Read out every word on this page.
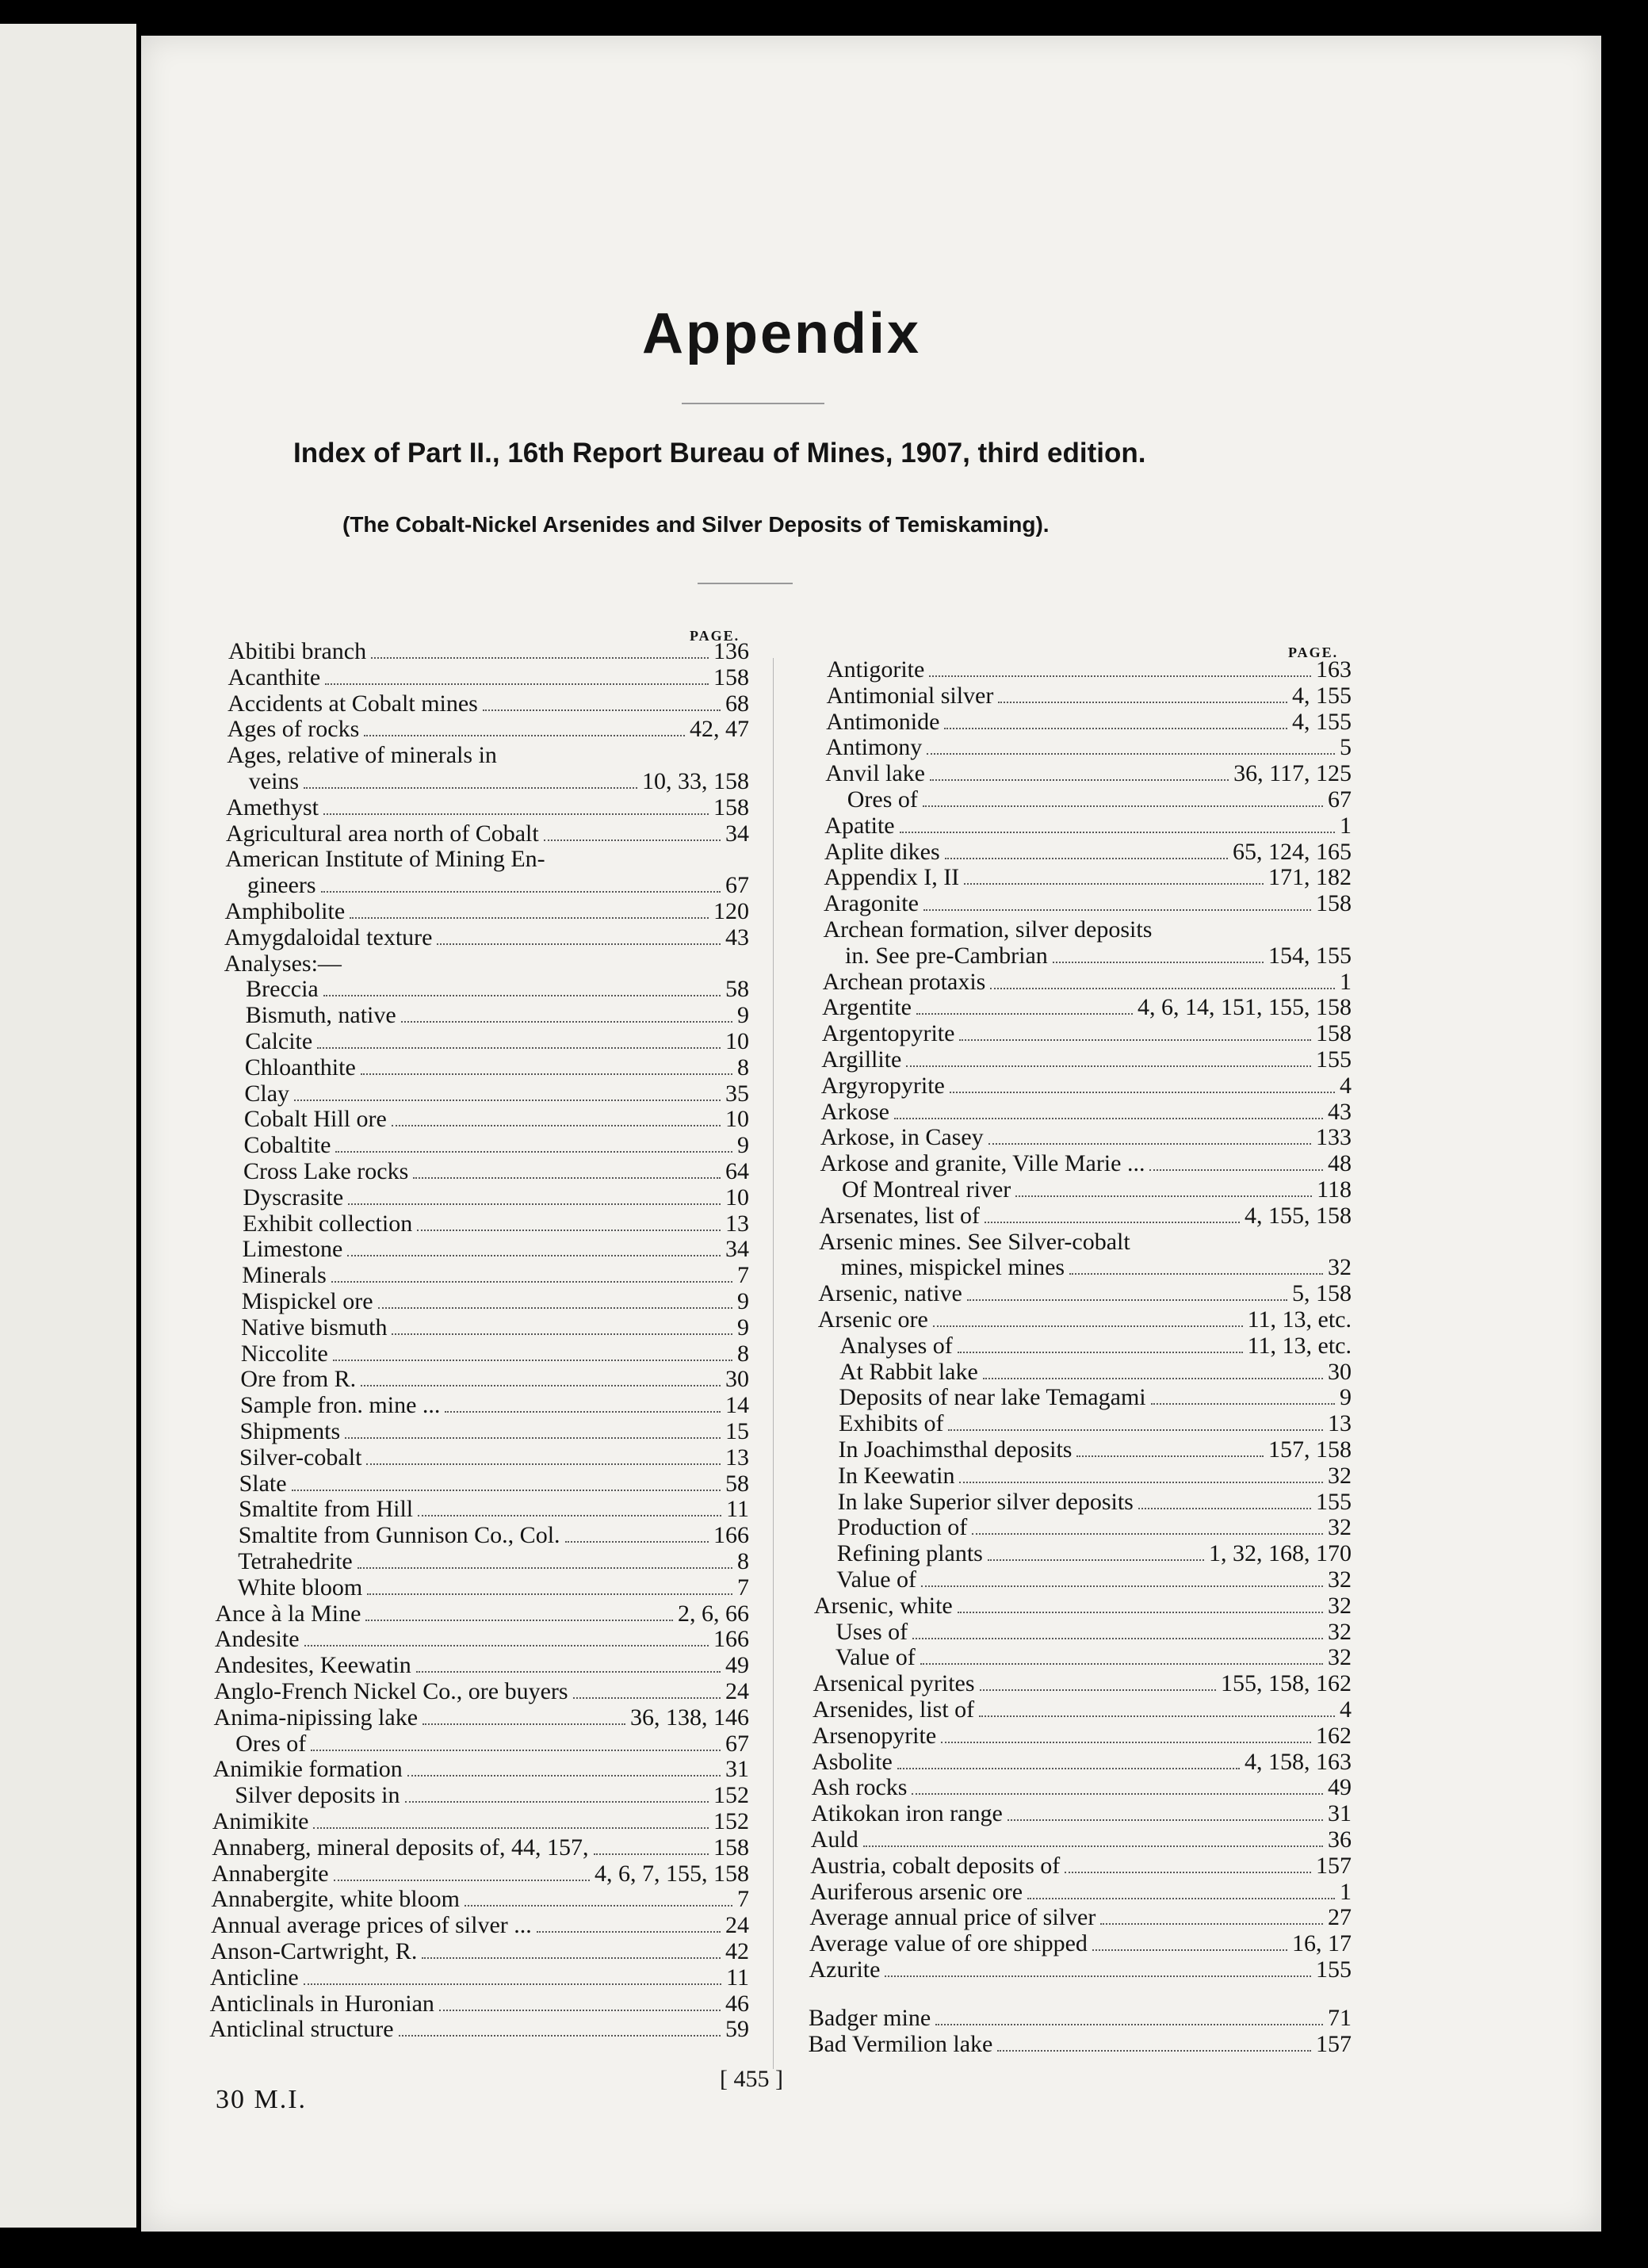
Appendix
Index of Part II., 16th Report Bureau of Mines, 1907, third edition.
(The Cobalt-Nickel Arsenides and Silver Deposits of Temiskaming).
PAGE.
PAGE.
Abitibi branch	136
Acanthite	158
Accidents at Cobalt mines	68
Ages of rocks	42, 47
Ages, relative of minerals in
veins	10, 33, 158
Amethyst	158
Agricultural area north of Cobalt	34
American Institute of Mining En-
gineers	67
Amphibolite	120
Amygdaloidal texture	43
Analyses:—
Breccia	58
Bismuth, native	9
Calcite	10
Chloanthite	8
Clay	35
Cobalt Hill ore	10
Cobaltite	9
Cross Lake rocks	64
Dyscrasite	10
Exhibit collection	13
Limestone	34
Minerals	7
Mispickel ore	9
Native bismuth	9
Niccolite	8
Ore from R.	30
Sample fron. mine ...	14
Shipments	15
Silver-cobalt	13
Slate	58
Smaltite from Hill	11
Smaltite from Gunnison Co., Col.	166
Tetrahedrite	8
White bloom	7
Ance à la Mine	2, 6, 66
Andesite	166
Andesites, Keewatin	49
Anglo-French Nickel Co., ore buyers	24
Anima-nipissing lake	36, 138, 146
Ores of	67
Animikie formation	31
Silver deposits in	152
Animikite	152
Annaberg, mineral deposits of, 44, 157,	158
Annabergite	4, 6, 7, 155, 158
Annabergite, white bloom	7
Annual average prices of silver ...	24
Anson-Cartwright, R.	42
Anticline	11
Anticlinals in Huronian	46
Anticlinal structure	59
Antigorite	163
Antimonial silver	4, 155
Antimonide	4, 155
Antimony	5
Anvil lake	36, 117, 125
Ores of	67
Apatite	1
Aplite dikes	65, 124, 165
Appendix I, II	171, 182
Aragonite	158
Archean formation, silver deposits
in. See pre-Cambrian	154, 155
Archean protaxis	1
Argentite	4, 6, 14, 151, 155, 158
Argentopyrite	158
Argillite	155
Argyropyrite	4
Arkose	43
Arkose, in Casey	133
Arkose and granite, Ville Marie ...	48
Of Montreal river	118
Arsenates, list of	4, 155, 158
Arsenic mines. See Silver-cobalt
mines, mispickel mines	32
Arsenic, native	5, 158
Arsenic ore	11, 13, etc.
Analyses of	11, 13, etc.
At Rabbit lake	30
Deposits of near lake Temagami	9
Exhibits of	13
In Joachimsthal deposits	157, 158
In Keewatin	32
In lake Superior silver deposits	155
Production of	32
Refining plants	1, 32, 168, 170
Value of	32
Arsenic, white	32
Uses of	32
Value of	32
Arsenical pyrites	155, 158, 162
Arsenides, list of	4
Arsenopyrite	162
Asbolite	4, 158, 163
Ash rocks	49
Atikokan iron range	31
Auld	36
Austria, cobalt deposits of	157
Auriferous arsenic ore	1
Average annual price of silver	27
Average value of ore shipped	16, 17
Azurite	155
Badger mine	71
Bad Vermilion lake	157
30 M.I.
[ 455 ]
